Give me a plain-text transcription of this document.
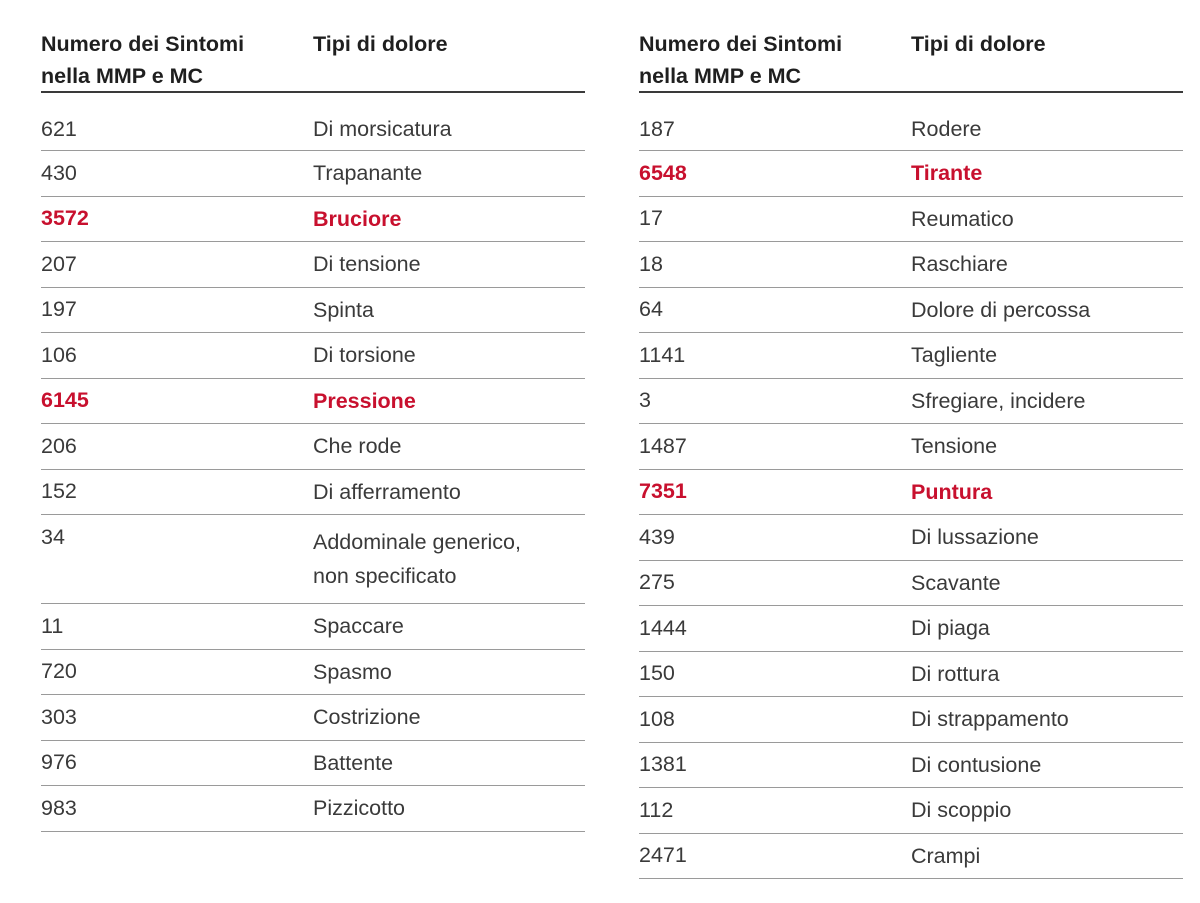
Numero dei Sintomi
nella MMP e MC
Tipi di dolore
621	Di morsicatura
430	Trapanante
3572	Bruciore
207	Di tensione
197	Spinta
106	Di torsione
6145	Pressione
206	Che rode
152	Di afferramento
34	Addominale generico,
non specificato
11	Spaccare
720	Spasmo
303	Costrizione
976	Battente
983	Pizzicotto
Numero dei Sintomi
nella MMP e MC
Tipi di dolore
187	Rodere
6548	Tirante
17	Reumatico
18	Raschiare
64	Dolore di percossa
1141	Tagliente
3	Sfregiare, incidere
1487	Tensione
7351	Puntura
439	Di lussazione
275	Scavante
1444	Di piaga
150	Di rottura
108	Di strappamento
1381	Di contusione
112	Di scoppio
2471	Crampi
